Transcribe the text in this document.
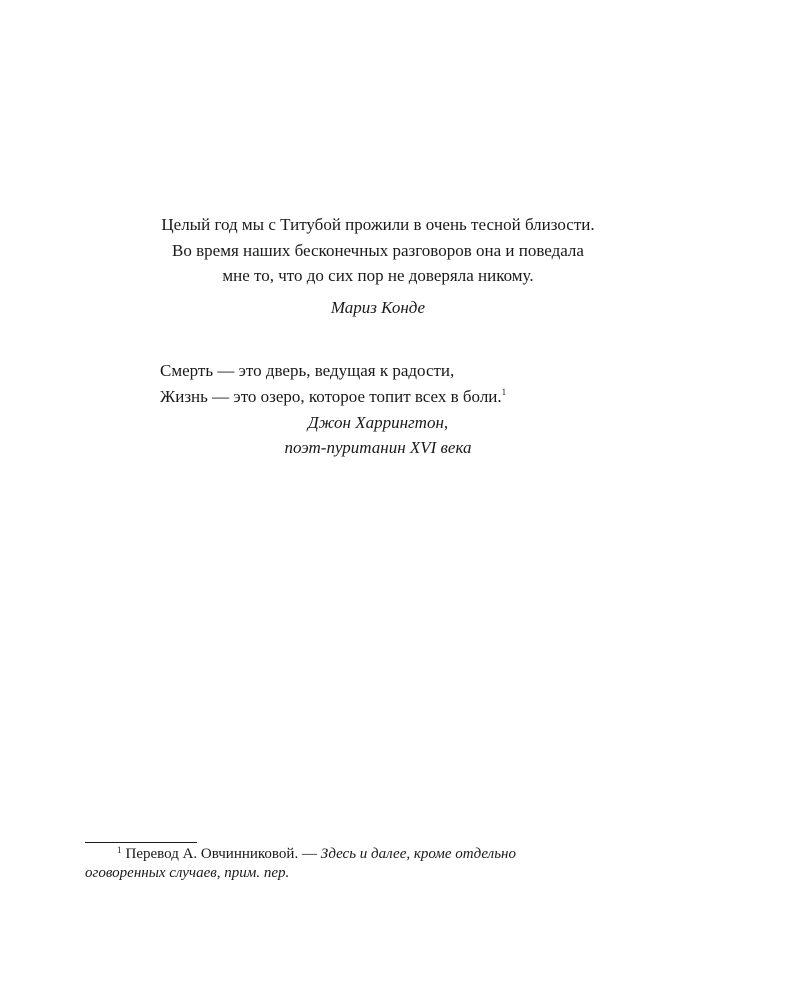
Целый год мы с Титубой прожили в очень тесной близости.
Во время наших бесконечных разговоров она и поведала
мне то, что до сих пор не доверяла никому.
Мариз Конде
Смерть — это дверь, ведущая к радости,
Жизнь — это озеро, которое топит всех в боли.$^1$
Джон Харрингтон,
поэт-пуританин XVI века
$^1$ Перевод А. Овчинниковой. — Здесь и далее, кроме отдельно
оговоренных случаев, прим. пер.
